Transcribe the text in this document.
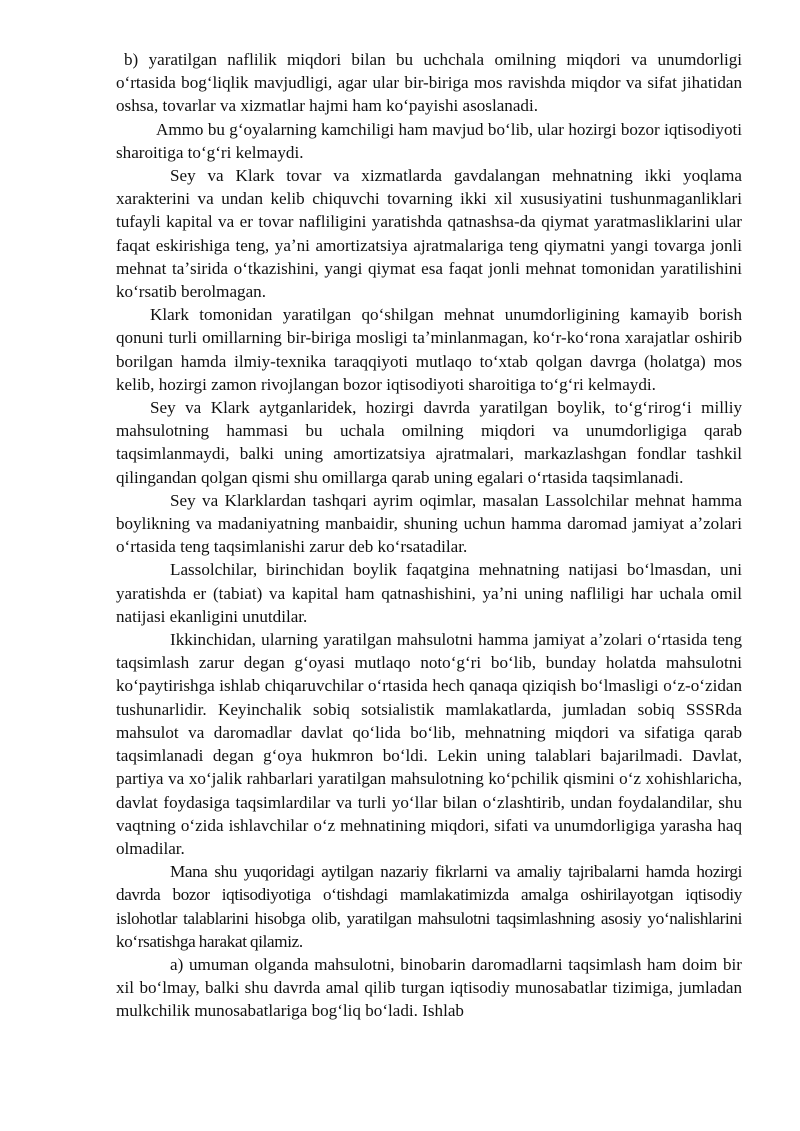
b) yaratilgan naflilik miqdori bilan bu uchchala omilning miqdori va unumdorligi oʻrtasida bogʻliqlik mavjudligi, agar ular bir-biriga mos ravishda miqdor va sifat jihatidan oshsa, tovarlar va xizmatlar hajmi ham koʻpayishi asoslanadi.

Ammo bu gʻoyalarning kamchiligi ham mavjud boʻlib, ular hozirgi bozor iqtisodiyoti sharoitiga toʻgʻri kelmaydi.

Sey va Klark tovar va xizmatlarda gavdalangan mehnatning ikki yoqlama xarakterini va undan kelib chiquvchi tovarning ikki xil xususiyatini tushunmaganliklari tufayli kapital va er tovar nafliligini yaratishda qatnashsa-da qiymat yaratmasliklarini ular faqat eskirishiga teng, yaʼni amortizatsiya ajratmalariga teng qiymatni yangi tovarga jonli mehnat taʼsirida oʻtkazishini, yangi qiymat esa faqat jonli mehnat tomonidan yaratilishini koʻrsatib berolmagan.

Klark tomonidan yaratilgan qoʻshilgan mehnat unumdorligining kamayib borish qonuni turli omillarning bir-biriga mosligi taʼminlanmagan, koʻr-koʻrona xarajatlar oshirib borilgan hamda ilmiy-texnika taraqqiyoti mutlaqo toʻxtab qolgan davrga (holatga) mos kelib, hozirgi zamon rivojlangan bozor iqtisodiyoti sharoitiga toʻgʻri kelmaydi.

Sey va Klark aytganlaridek, hozirgi davrda yaratilgan boylik, toʻgʻrirogʻi milliy mahsulotning hammasi bu uchala omilning miqdori va unumdorligiga qarab taqsimlanmaydi, balki uning amortizatsiya ajratmalari, markazlashgan fondlar tashkil qilingandan qolgan qismi shu omillarga qarab uning egalari oʻrtasida taqsimlanadi.

Sey va Klarklardan tashqari ayrim oqimlar, masalan Lassolchilar mehnat hamma boylikning va madaniyatning manbaidir, shuning uchun hamma daromad jamiyat aʼzolari oʻrtasida teng taqsimlanishi zarur deb koʻrsatadilar.

Lassolchilar, birinchidan boylik faqatgina mehnatning natijasi boʻlmasdan, uni yaratishda er (tabiat) va kapital ham qatnashishini, yaʼni uning nafliligi har uchala omil natijasi ekanligini unutdilar.

Ikkinchidan, ularning yaratilgan mahsulotni hamma jamiyat aʼzolari oʻrtasida teng taqsimlash zarur degan gʻoyasi mutlaqo notoʻgʻri boʻlib, bunday holatda mahsulotni koʻpaytirishga ishlab chiqaruvchilar oʻrtasida hech qanaqa qiziqish boʻlmasligi oʻz-oʻzidan tushunarlidir. Keyinchalik sobiq sotsialistik mamlakatlarda, jumladan sobiq SSSRda mahsulot va daromadlar davlat qoʻlida boʻlib, mehnatning miqdori va sifatiga qarab taqsimlanadi degan gʻoya hukmron boʻldi. Lekin uning talablari bajarilmadi. Davlat, partiya va xoʻjalik rahbarlari yaratilgan mahsulotning koʻpchilik qismini oʻz xohishlaricha, davlat foydasiga taqsimlardilar va turli yoʻllar bilan oʻzlashtirib, undan foydalandilar, shu vaqtning oʻzida ishlavchilar oʻz mehnatining miqdori, sifati va unumdorligiga yarasha haq olmadilar.

Mana shu yuqoridagi aytilgan nazariy fikrlarni va amaliy tajribalarni hamda hozirgi davrda bozor iqtisodiyotiga oʻtishdagi mamlakatimizda amalga oshirilayotgan iqtisodiy islohotlar talablarini hisobga olib, yaratilgan mahsulotni taqsimlashning asosiy yoʻnalishlarini koʻrsatishga harakat qilamiz.

a) umuman olganda mahsulotni, binobarin daromadlarni taqsimlash ham doim bir xil boʻlmay, balki shu davrda amal qilib turgan iqtisodiy munosabatlar tizimiga, jumladan mulkchilik munosabatlariga bogʻliq boʻladi. Ishlab
